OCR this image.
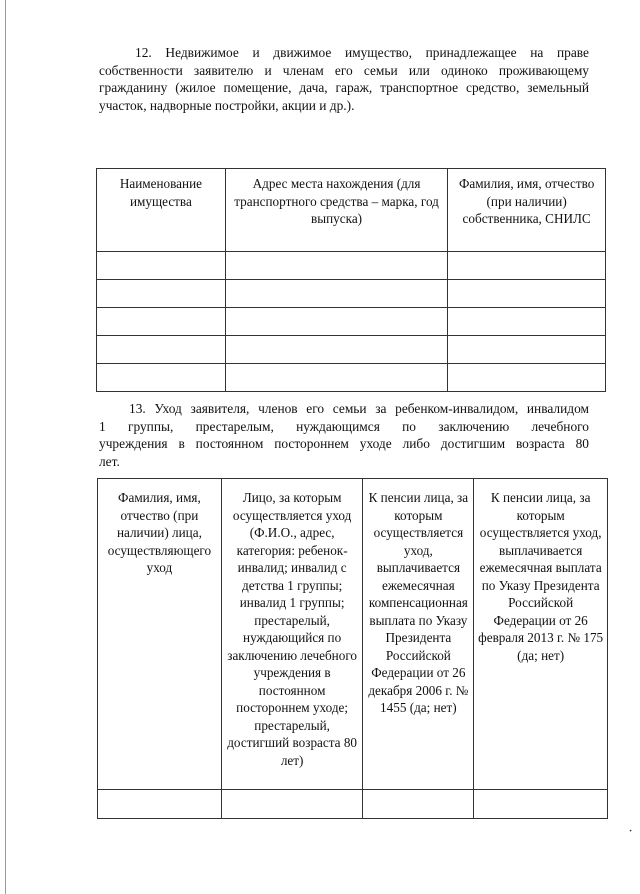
12. Недвижимое и движимое имущество, принадлежащее на праве
собственности заявителю и членам его семьи или одиноко проживающему
гражданину (жилое помещение, дача, гараж, транспортное средство, земельный
участок, надворные постройки, акции и др.).
Наименование имущества	Адрес места нахождения (для транспортного средства – марка, год выпуска)	Фамилия, имя, отчество (при наличии) собственника, СНИЛС

13. Уход заявителя, членов его семьи за ребенком-инвалидом, инвалидом
1 группы, престарелым, нуждающимся по заключению лечебного
учреждения в постоянном постороннем уходе либо достигшим возраста 80
лет.
Фамилия, имя, отчество (при наличии) лица, осуществляющего уход	Лицо, за которым осуществляется уход (Ф.И.О., адрес, категория: ребенок-инвалид; инвалид с детства 1 группы; инвалид 1 группы; престарелый, нуждающийся по заключению лечебного учреждения в постоянном постороннем уходе; престарелый, достигший возраста 80 лет)	К пенсии лица, за которым осуществляется уход, выплачивается ежемесячная компенсационная выплата по Указу Президента Российской Федерации от 26 декабря 2006 г. № 1455 (да; нет)	К пенсии лица, за которым осуществляется уход, выплачивается ежемесячная выплата по Указу Президента Российской Федерации от 26 февраля 2013 г. № 175 (да; нет)

·
